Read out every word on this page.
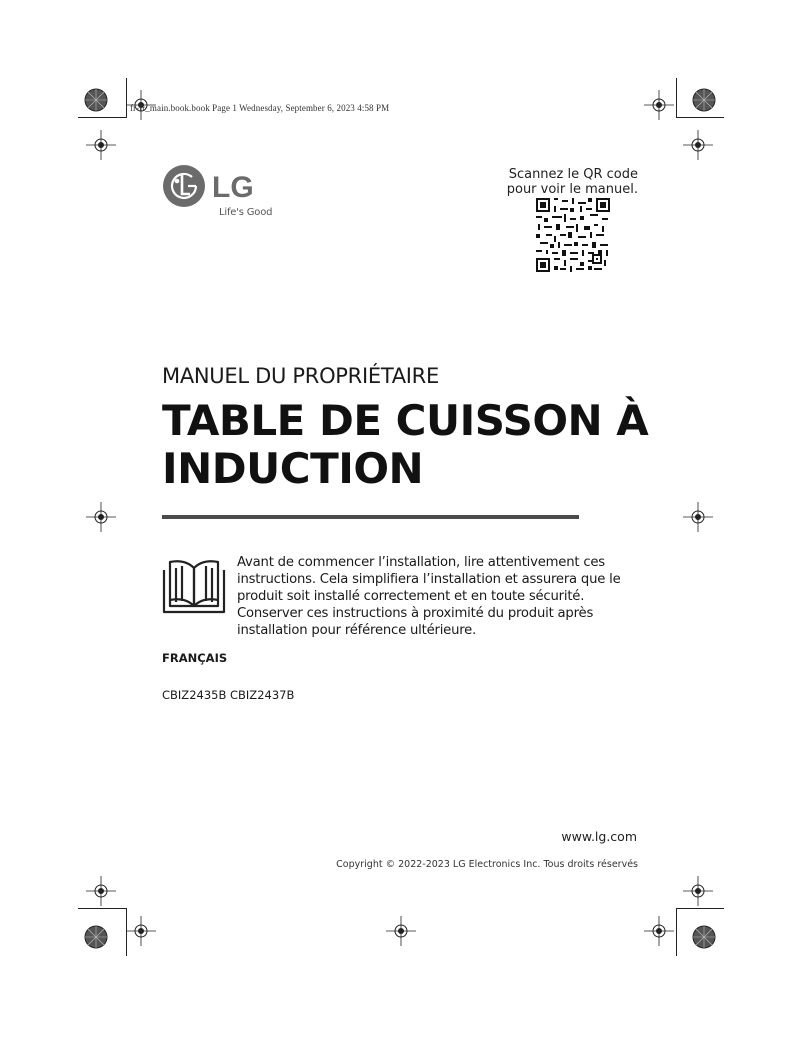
fr-fr_main.book.book Page 1 Wednesday, September 6, 2023 4:58 PM
LG
Life's Good
Scannez le QR code
pour voir le manuel.
MANUEL DU PROPRIÉTAIRE
TABLE DE CUISSON À
INDUCTION
Avant de commencer l’installation, lire attentivement ces instructions. Cela simplifiera l’installation et assurera que le produit soit installé correctement et en toute sécurité. Conserver ces instructions à proximité du produit après installation pour référence ultérieure.
FRANÇAIS
CBIZ2435B CBIZ2437B
www.lg.com
Copyright © 2022-2023 LG Electronics Inc. Tous droits réservés
